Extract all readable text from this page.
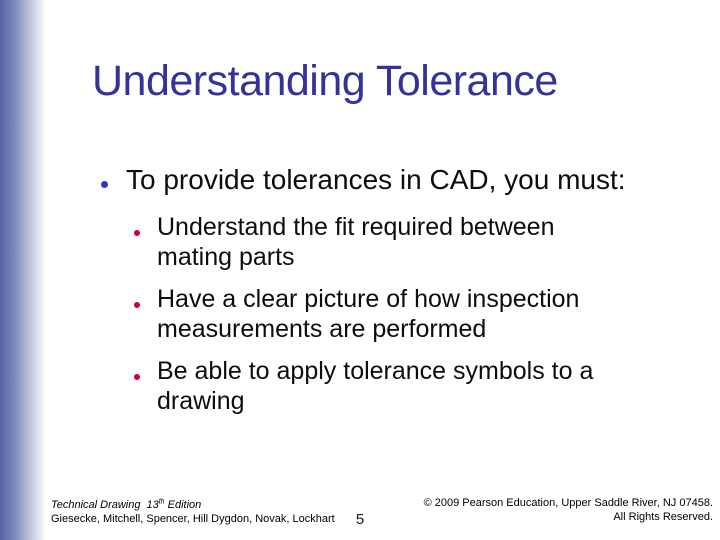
Understanding Tolerance
To provide tolerances in CAD, you must:
Understand the fit required between
mating parts
Have a clear picture of how inspection
measurements are performed
Be able to apply tolerance symbols to a
drawing
Technical Drawing 13th Edition
Giesecke, Mitchell, Spencer, Hill Dygdon, Novak, Lockhart
© 2009 Pearson Education, Upper Saddle River, NJ 07458.
All Rights Reserved.
5
